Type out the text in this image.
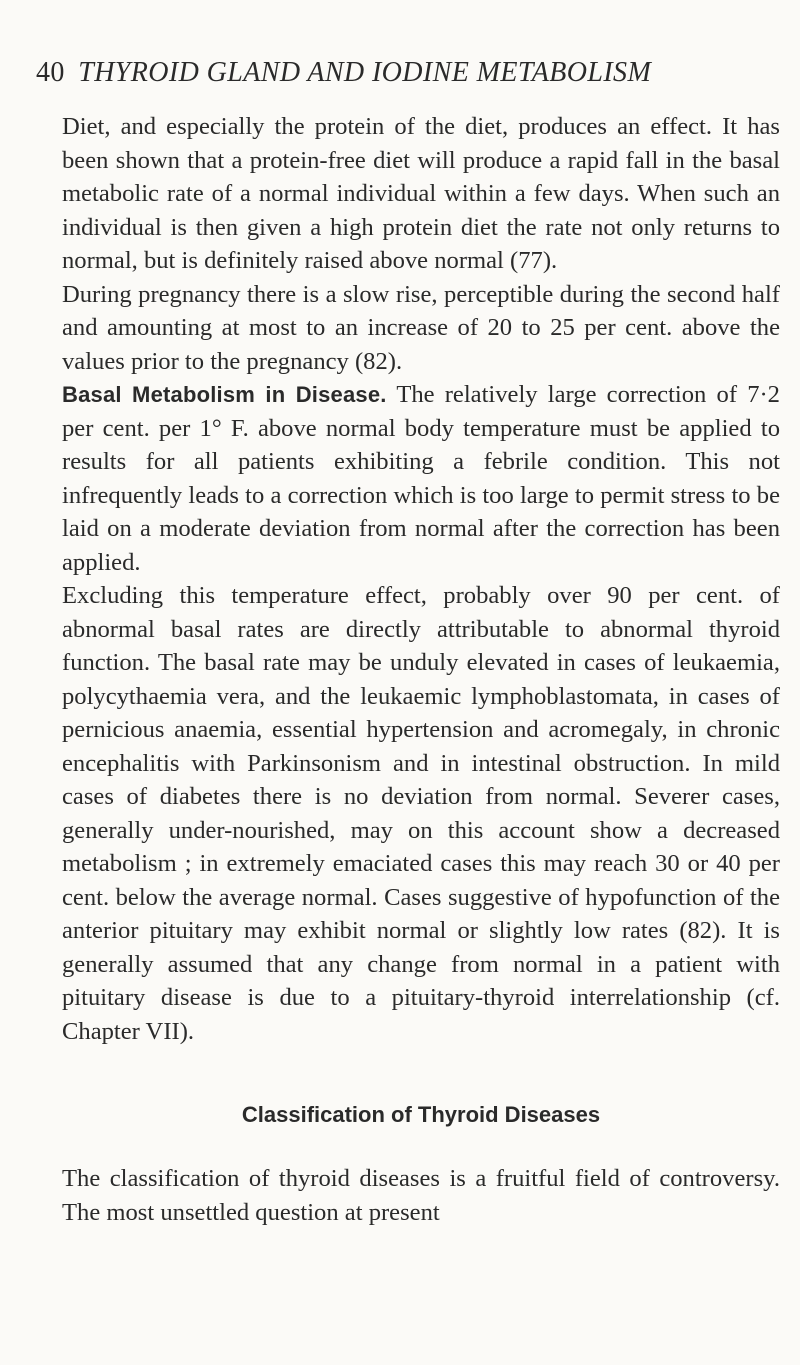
40 THYROID GLAND AND IODINE METABOLISM

Diet, and especially the protein of the diet, produces an effect. It has been shown that a protein-free diet will produce a rapid fall in the basal metabolic rate of a normal individual within a few days. When such an individual is then given a high protein diet the rate not only returns to normal, but is definitely raised above normal (77).

During pregnancy there is a slow rise, perceptible during the second half and amounting at most to an increase of 20 to 25 per cent. above the values prior to the pregnancy (82).

Basal Metabolism in Disease. The relatively large correction of 7·2 per cent. per 1° F. above normal body temperature must be applied to results for all patients exhibiting a febrile condition. This not infrequently leads to a correction which is too large to permit stress to be laid on a moderate deviation from normal after the correction has been applied.

Excluding this temperature effect, probably over 90 per cent. of abnormal basal rates are directly attributable to abnormal thyroid function. The basal rate may be unduly elevated in cases of leukaemia, polycythaemia vera, and the leukaemic lymphoblastomata, in cases of pernicious anaemia, essential hypertension and acromegaly, in chronic encephalitis with Parkinsonism and in intestinal obstruction. In mild cases of diabetes there is no deviation from normal. Severer cases, generally under-nourished, may on this account show a decreased metabolism ; in extremely emaciated cases this may reach 30 or 40 per cent. below the average normal. Cases suggestive of hypofunction of the anterior pituitary may exhibit normal or slightly low rates (82). It is generally assumed that any change from normal in a patient with pituitary disease is due to a pituitary-thyroid interrelationship (cf. Chapter VII).

Classification of Thyroid Diseases

The classification of thyroid diseases is a fruitful field of controversy. The most unsettled question at present
